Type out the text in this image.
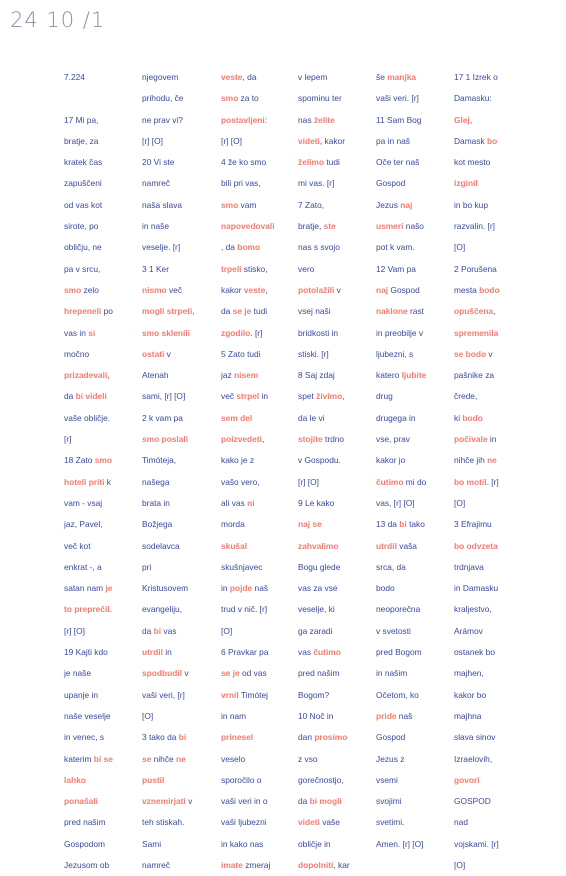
24 10 /1
7.224
17 Mi pa,
bratje, za
kratek čas
zapuščeni
od vas kot
sirote, po
obličju, ne
pa v srcu,
smo zelo
hrepeneli po
vas in si
močno
prizadevali,
da bi videli
vaše obličje.
[r]
18 Zato smo
hoteli priti k
vam - vsaj
jaz, Pavel,
več kot
enkrat -, a
satan nam je
to preprečil.
[r] [O]
19 Kajti kdo
je naše
upanje in
naše veselje
in venec, s
katerim bi se
lahko
ponašali
pred našim
Gospodom
Jezusom ob
njegovem
prihodu, če
ne prav vi?
[r] [O]
20 Vi ste
namreč
naša slava
in naše
veselje. [r]
3 1 Ker
nismo več
mogli strpeti,
smo sklenili
ostati v
Atenah
sami, [r] [O]
2 k vam pa
smo poslali
Timóteja,
našega
brata in
Božjega
sodelavca
pri
Kristusovem
evangeliju,
da bi vas
utrdil in
spodbudil v
vaši veri, [r]
[O]
3 tako da bi
se nihče ne
pustil
vznemirjati v
teh stiskah.
Sami
namreč
veste, da
smo za to
postavljeni:
[r] [O]
4 že ko smo
bili pri vas,
smo vam
napovedovali
, da bomo
trpeli stisko,
kakor veste,
da se je tudi
zgodilo. [r]
5 Zato tudi
jaz nisem
več strpel in
sem del
poizvedeti,
kako je z
vašo vero,
ali vas ni
morda
skušal
skušnjavec
in pojde naš
trud v nič. [r]
[O]
6 Pravkar pa
se je od vas
vrnil Timótej
in nam
prinesel
veselo
sporočilo o
vaši veri in o
vaši ljubezni
in kako nas
imate zmeraj
v lepem
spominu ter
nas želite
videti, kakor
želimo tudi
mi vas. [r]
7 Zato,
bratje, ste
nas s svojo
vero
potolažili v
vsej naši
bridkosti in
stiski. [r]
8 Saj zdaj
spet živimo,
da le vi
stojite trdno
v Gospodu.
[r] [O]
9 Le kako
naj se
zahvalimo
Bogu glede
vas za vse
veselje, ki
ga zaradi
vas čutimo
pred našim
Bogom?
10 Noč in
dan prosimo
z vso
gorečnostjo,
da bi mogli
videti vaše
obličje in
dopolniti, kar
še manjka
vaši veri. [r]
11 Sam Bog
pa in naš
Oče ter naš
Gospod
Jezus naj
usmeri našo
pot k vam.
12 Vam pa
naj Gospod
naklone rast
in preobilje v
ljubezni, s
katero ljubite
drug
drugega in
vse, prav
kakor jo
čutimo mi do
vas, [r] [O]
13 da bi tako
utrdil vaša
srca, da
bodo
neoporečna
v svetosti
pred Bogom
in našim
Očetom, ko
pride naš
Gospod
Jezus z
vsemi
svojimi
svetimi.
Amen. [r] [O]
17 1 Izrek o
Damasku:
Glej,
Damask bo
kot mesto
izginil
in bo kup
razvalin. [r]
[O]
2 Porušena
mesta bodo
opuščena,
spremenila
se bodo v
pašnike za
črede,
ki bodo
počivale in
nihče jih ne
bo motil. [r]
[O]
3 Efrajimu
bo odvzeta
trdnjava
in Damasku
kraljestvo,
Arámov
ostanek bo
majhen,
kakor bo
majhna
slava sinov
Izraelovih,
govori
GOSPOD
nad
vojskami. [r]
[O]
